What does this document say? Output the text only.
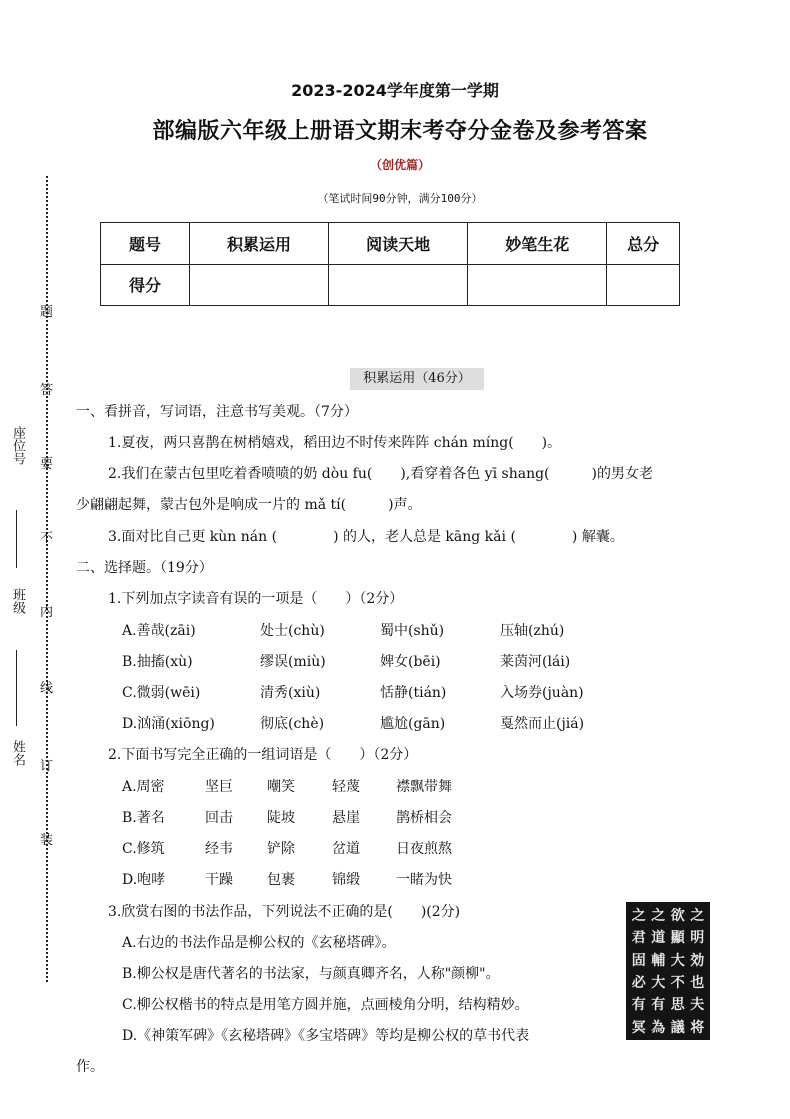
2023-2024学年度第一学期
部编版六年级上册语文期末考夺分金卷及参考答案
（创优篇）
（笔试时间90分钟，满分100分）
题号	积累运用	阅读天地	妙笔生花	总分
得分				
题
答
要
不
内
线
订
装
座位号
班级
姓名
积累运用（46分）
一、看拼音，写词语，注意书写美观。（7分）
1.夏夜，两只喜鹊在树梢嬉戏，稻田边不时传来阵阵 chán míng(　　)。
2.我们在蒙古包里吃着香喷喷的奶 dòu fu(　　),看穿着各色 yī shang(　　　)的男女老
少翩翩起舞，蒙古包外是响成一片的 mǎ tí(　　　)声。
3.面对比自己更 kùn nán (　　　　) 的人，老人总是 kāng kǎi (　　　　) 解囊。
二、选择题。（19分）
1.下列加点字读音有误的一项是（　　）（2分）
A.善哉(zāi)	处士(chù)	蜀中(shǔ)	压轴(zhú)
B.抽搐(xù)	缪误(miù)	婢女(bēi)	莱茵河(lái)
C.微弱(wēi)	清秀(xiù)	恬静(tián)	入场券(juàn)
D.汹涌(xiōng)	彻底(chè)	尴尬(gān)	戛然而止(jiá)
2.下面书写完全正确的一组词语是（　　）（2分）
A.周密	坚巨 嘲笑	轻蔑	襟飘带舞
B.著名	回击 陡坡	悬崖	鹊桥相会
C.修筑	经韦 铲除	岔道	日夜煎熬
D.咆哮	干躁 包裹	锦缎	一睹为快
3.欣赏右图的书法作品，下列说法不正确的是(　　)(2分)
A.右边的书法作品是柳公权的《玄秘塔碑》。
B.柳公权是唐代著名的书法家，与颜真卿齐名，人称"颜柳"。
C.柳公权楷书的特点是用笔方圆并施，点画棱角分明，结构精妙。
D.《神策军碑》《玄秘塔碑》《多宝塔碑》等均是柳公权的草书代表
作。
之
明
効
也
夫
将
欲
顯
大
不
思
議
之
道
輔
大
有
為
之
君
固
必
有
冥
